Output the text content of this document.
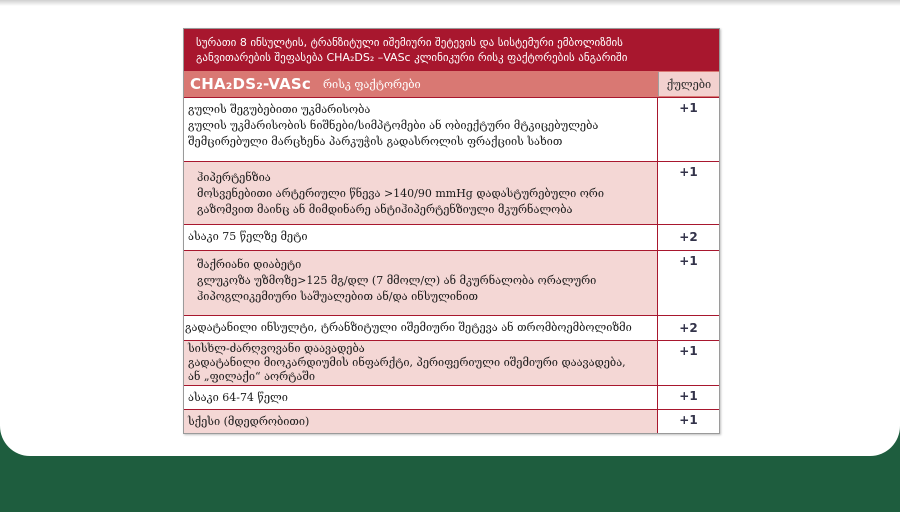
სურათი 8 ინსულტის, ტრანზიტული იშემიური შეტევის და სისტემური ემბოლიზმის
განვითარების შეფასება CHA₂DS₂ –VASc კლინიკური რისკ ფაქტორების ანგარიში
CHA₂DS₂-VASc რისკ ფაქტორები	ქულები
გულის შეგუბებითი უკმარისობა
გულის უკმარისობის ნიშნები/სიმპტომები ან ობიექტური მტკიცებულება
შემცირებული მარცხენა პარკუჭის გადასროლის ფრაქციის სახით
+1
ჰიპერტენზია
მოსვენებითი არტერიული წნევა >140/90 mmHg დადასტურებული ორი
გაზომვით მაინც ან მიმდინარე ანტიჰიპერტენზიული მკურნალობა
+1
ასაკი 75 წელზე მეტი	+2
შაქრიანი დიაბეტი
გლუკოზა უზმოზე>125 მგ/დლ (7 მმოლ/ლ) ან მკურნალობა ორალური
ჰიპოგლიკემიური საშუალებით ან/და ინსულინით
+1
გადატანილი ინსულტი, ტრანზიტული იშემიური შეტევა ან თრომბოემბოლიზმი	+2
სისხლ-ძარღვოვანი დაავადება
გადატანილი მიოკარდიუმის ინფარქტი, პერიფერიული იშემიური დაავადება,
ან „ფილაქი“ აორტაში
+1
ასაკი 64-74 წელი	+1
სქესი (მდედრობითი)	+1
